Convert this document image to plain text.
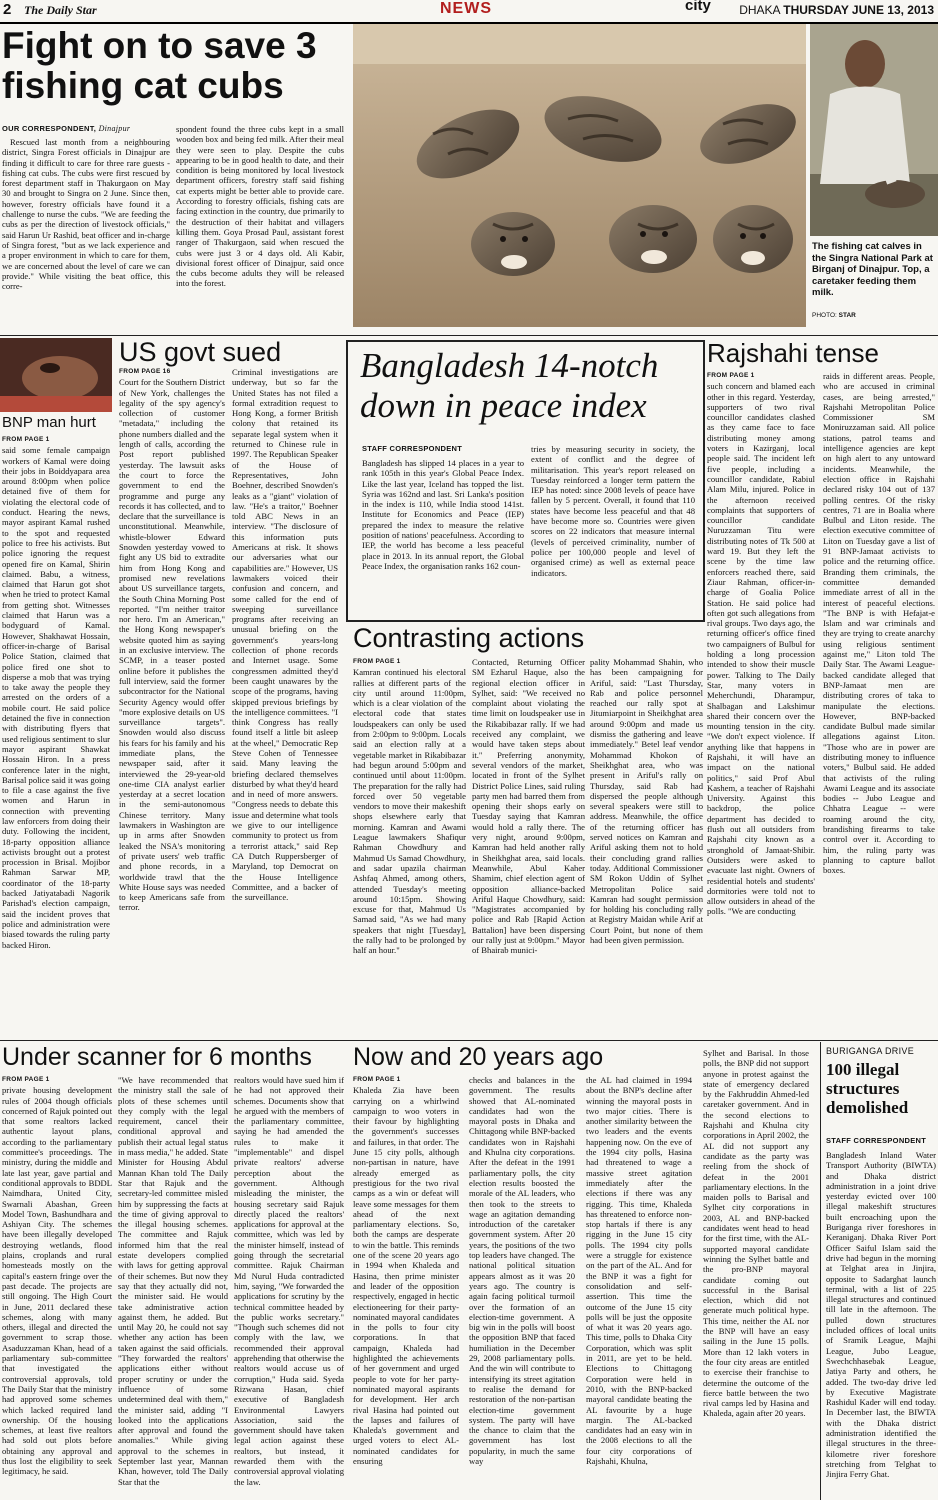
2 The Daily Star	NEWS	city DHAKA THURSDAY JUNE 13, 2013
Fight on to save 3 fishing cat cubs
OUR CORRESPONDENT, Dinajpur

Rescued last month from a neighbouring district, Singra Forest officials in Dinajpur are finding it difficult to care for three rare guests - fishing cat cubs. The cubs were first rescued by forest department staff in Thakurgaon on May 30 and brought to Singra on 2 June. Since then, however, forestry officials have found it a challenge to nurse the cubs. "We are feeding the cubs as per the direction of livestock officials," said Harun Ur Rashid, beat officer and in-charge of Singra forest, "but as we lack experience and a proper environment in which to care for them, we are concerned about the level of care we can provide." While visiting the beat office, this corre-

spondent found the three cubs kept in a small wooden box and being fed milk. After their meal they were seen to play. Despite the cubs appearing to be in good health to date, and their condition is being monitored by local livestock department officers, forestry staff said fishing cat experts might be better able to provide care. According to forestry officials, fishing cats are facing extinction in the country, due primarily to the destruction of their habitat and villagers killing them. Goya Prosad Paul, assistant forest ranger of Thakurgaon, said when rescued the cubs were just 3 or 4 days old. Ali Kabir, divisional forest officer of Dinajpur, said once the cubs become adults they will be released into the forest.

The fishing cat calves in the Singra National Park at Birganj of Dinajpur. Top, a caretaker feeding them milk.
PHOTO: STAR
BNP man hurt
FROM PAGE 1

said some female campaign workers of Kamal were doing their jobs in Boiddyapara area around 8:00pm when police detained five of them for violating the electoral code of conduct. Hearing the news, mayor aspirant Kamal rushed to the spot and requested police to free his activists. But police ignoring the request opened fire on Kamal, Shirin claimed. Babu, a witness, claimed that Harun got shot when he tried to protect Kamal from getting shot. Witnesses claimed that Harun was a bodyguard of Kamal. However, Shakhawat Hossain, officer-in-charge of Barisal Police Station, claimed that police fired one shot to disperse a mob that was trying to take away the people they arrested on the orders of a mobile court. He said police detained the five in connection with distributing flyers that used religious sentiment to slur mayor aspirant Shawkat Hossain Hiron. In a press conference later in the night, Barisal police said it was going to file a case against the five women and Harun in connection with preventing law enforcers from doing their duty. Following the incident, 18-party opposition alliance activists brought out a protest procession in Brisal. Mojibor Rahman Sarwar MP, coordinator of the 18-party backed Jatiyatabadi Nagorik Parishad's election campaign, said the incident proves that police and administration were biased towards the ruling party backed Hiron.

US govt sued
FROM PAGE 16

Court for the Southern District of New York, challenges the legality of the spy agency's collection of customer "metadata," including the phone numbers dialled and the length of calls, according the Post report published yesterday. The lawsuit asks the court to force the government to end the programme and purge any records it has collected, and to declare that the surveillance is unconstitutional. Meanwhile, whistle-blower Edward Snowden yesterday vowed to fight any US bid to extradite him from Hong Kong and promised new revelations about US surveillance targets, the South China Morning Post reported. "I'm neither traitor nor hero. I'm an American," the Hong Kong newspaper's website quoted him as saying in an exclusive interview. The SCMP, in a teaser posted online before it publishes the full interview, said the former subcontractor for the National Security Agency would offer "more explosive details on US surveillance targets". Snowden would also discuss his fears for his family and his immediate plans, the newspaper said, after it interviewed the 29-year-old one-time CIA analyst earlier yesterday at a secret location in the semi-autonomous Chinese territory. Many lawmakers in Washington are up in arms after Snowden leaked the NSA's monitoring of private users' web traffic and phone records, in a worldwide trawl that the White House says was needed to keep Americans safe from terror.

Criminal investigations are underway, but so far the United States has not filed a formal extradition request to Hong Kong, a former British colony that retained its separate legal system when it returned to Chinese rule in 1997. The Republican Speaker of the House of Representatives, John Boehner, described Snowden's leaks as a "giant" violation of law. "He's a traitor," Boehner told ABC News in an interview. "The disclosure of this information puts Americans at risk. It shows our adversaries what our capabilities are." However, US lawmakers voiced their confusion and concern, and some called for the end of sweeping surveillance programs after receiving an unusual briefing on the government's years-long collection of phone records and Internet usage. Some congressmen admitted they'd been caught unawares by the scope of the programs, having skipped previous briefings by the intelligence committees. "I think Congress has really found itself a little bit asleep at the wheel," Democratic Rep Steve Cohen of Tennessee said. Many leaving the briefing declared themselves disturbed by what they'd heard and in need of more answers. "Congress needs to debate this issue and determine what tools we give to our intelligence community to protect us from a terrorist attack," said Rep CA Dutch Ruppersberger of Maryland, top Democrat on the House Intelligence Committee, and a backer of the surveillance.

Bangladesh 14-notch down in peace index
STAFF CORRESPONDENT

Bangladesh has slipped 14 places in a year to rank 105th in this year's Global Peace Index. Like the last year, Iceland has topped the list. Syria was 162nd and last. Sri Lanka's position in the index is 110, while India stood 141st. Institute for Economics and Peace (IEP) prepared the index to measure the relative position of nations' peacefulness. According to IEP, the world has become a less peaceful place in 2013. In its annual report, the Global Peace Index, the organisation ranks 162 coun-

tries by measuring security in society, the extent of conflict and the degree of militarisation. This year's report released on Tuesday reinforced a longer term pattern the IEP has noted: since 2008 levels of peace have fallen by 5 percent. Overall, it found that 110 states have become less peaceful and that 48 have become more so. Countries were given scores on 22 indicators that measure internal (levels of perceived criminality, number of police per 100,000 people and level of organised crime) as well as external peace indicators.

Contrasting actions
FROM PAGE 1

Kamran continued his electoral rallies at different parts of the city until around 11:00pm, which is a clear violation of the electoral code that states loudspeakers can only be used from 2:00pm to 9:00pm. Locals said an election rally at a vegetable market in Rikabibazar had begun around 5:00pm and continued until about 11:00pm. The preparation for the rally had forced over 50 vegetable vendors to move their makeshift shops elsewhere early that morning. Kamran and Awami League lawmakers Shafiqur Rahman Chowdhury and Mahmud Us Samad Chowdhury, and sadar upazila chairman Ashfaq Ahmed, among others, attended Tuesday's meeting around 10:15pm. Showing excuse for that, Mahmud Us Samad said, "As we had many speakers that night [Tuesday], the rally had to be prolonged by half an hour."

Contacted, Returning Officer SM Ezharul Haque, also the regional election officer in Sylhet, said: "We received no complaint about violating the time limit on loudspeaker use in the Rikabibazar rally. If we had received any complaint, we would have taken steps about it." Preferring anonymity, several vendors of the market, located in front of the Sylhet District Police Lines, said ruling party men had barred them from opening their shops early on Tuesday saying that Kamran would hold a rally there. The very night, around 9:00pm, Kamran had held another rally in Sheikhghat area, said locals. Meanwhile, Abul Kaher Shamim, chief election agent of opposition alliance-backed Ariful Haque Chowdhury, said: "Magistrates accompanied by police and Rab [Rapid Action Battalion] have been dispersing our rally just at 9:00pm." Mayor of Bhairab munici-

pality Mohammad Shahin, who has been campaigning for Ariful, said: "Last Thursday, Rab and police personnel reached our rally spot at Jitumiarpoint in Sheikhghat area around 9:00pm and made us dismiss the gathering and leave immediately." Betel leaf vendor Mohammad Khokon of Sheikhghat area, who was present in Ariful's rally on Thursday, said Rab had dispersed the people although several speakers were still to address. Meanwhile, the office of the returning officer has served notices on Kamran and Ariful asking them not to hold their concluding grand rallies today. Additional Commissioner SM Rokon Uddin of Sylhet Metropolitan Police said Kamran had sought permission for holding his concluding rally at Registry Maidan while Arif at Court Point, but none of them had been given permission.

Rajshahi tense
FROM PAGE 1

such concern and blamed each other in this regard. Yesterday, supporters of two rival councillor candidates clashed as they came face to face distributing money among voters in Kazirganj, local people said. The incident left five people, including a councillor candidate, Rabiul Alam Milu, injured. Police in the afternoon received complaints that supporters of councillor candidate Nuruzzaman Titu were distributing notes of Tk 500 at ward 19. But they left the scene by the time law enforcers reached there, said Ziaur Rahman, officer-in-charge of Goalia Police Station. He said police had often got such allegations from rival groups. Two days ago, the returning officer's office fined two campaigners of Bulbul for holding a long procession intended to show their muscle power. Talking to The Daily Star, many voters in Meherchundi, Dharampur, Shalbagan and Lakshimur shared their concern over the mounting tension in the city. "We don't expect violence. If anything like that happens in Rajshahi, it will have an impact on the national politics," said Prof Abul Kashem, a teacher of Rajshahi University. Against this backdrop, the police department has decided to flush out all outsiders from Rajshahi city known as a stronghold of Jamaat-Shibir. Outsiders were asked to evacuate last night. Owners of residential hotels and students' dormitories were told not to allow outsiders in ahead of the polls. "We are conducting

raids in different areas. People, who are accused in criminal cases, are being arrested," Rajshahi Metropolitan Police Commissioner SM Moniruzzaman said. All police stations, patrol teams and intelligence agencies are kept on high alert to any untoward incidents. Meanwhile, the election office in Rajshahi declared risky 104 out of 137 polling centres. Of the risky centres, 71 are in Boalia where Bulbul and Liton reside. The election executive committee of Liton on Tuesday gave a list of 91 BNP-Jamaat activists to police and the returning office. Branding them criminals, the committee demanded immediate arrest of all in the interest of peaceful elections. "The BNP is with Hefajat-e Islam and war criminals and they are trying to create anarchy using religious sentiment against me," Liton told The Daily Star. The Awami League-backed candidate alleged that BNP-Jamaat men are distributing crores of taka to manipulate the elections. However, BNP-backed candidate Bulbul made similar allegations against Liton. "Those who are in power are distributing money to influence voters," Bulbul said. He added that activists of the ruling Awami League and its associate bodies -- Jubo League and Chhatra League -- were roaming around the city, brandishing firearms to take control over it. According to him, the ruling party was planning to capture ballot boxes.

Under scanner for 6 months
FROM PAGE 1

private housing development rules of 2004 though officials concerned of Rajuk pointed out that some realtors lacked authentic layout plans, according to the parliamentary committee's proceedings. The ministry, during the middle and late last year, gave partial and conditional approvals to BDDL Naimdhara, United City, Swarnali Abashan, Green Model Town, Bashundhara and Ashiyan City. The schemes have been illegally developed destroying wetlands, flood plains, croplands and rural homesteads mostly on the capital's eastern fringe over the past decade. The projects are still ongoing. The High Court in June, 2011 declared these schemes, along with many others, illegal and directed the government to scrap those. Asaduzzaman Khan, head of a parliamentary sub-committee that investigated the controversial approvals, told The Daily Star that the ministry had approved some schemes which lacked required land ownership. Of the housing schemes, at least five realtors had sold out plots before obtaining any approval and thus lost the eligibility to seek legitimacy, he said.

"We have recommended that the ministry stall the sale of plots of these schemes until they comply with the legal requirement, cancel their conditional approval and publish their actual legal status in mass media," he added. State Minister for Housing Abdul Mannan Khan told The Daily Star that Rajuk and the secretary-led committee misled him by suppressing the facts at the time of giving approval to the illegal housing schemes. The committee and Rajuk informed him that the real estate developers complied with laws for getting approval of their schemes. But now they say that they actually did not, the minister said. He would take administrative action against them, he added. But until May 20, he could not say whether any action has been taken against the said officials. "They forwarded the realtors' applications either without proper scrutiny or under the influence of some undetermined deal with them," the minister said, adding "I looked into the applications after approval and found the anomalies." While giving approval to the schemes in September last year, Mannan Khan, however, told The Daily Star that the

realtors would have sued him if he had not approved their schemes. Documents show that he argued with the members of the parliamentary committee, saying he had amended the rules to make it "implementable" and dispel private realtors' adverse perception about the government. Although misleading the minister, the housing secretary said Rajuk directly placed the realtors' applications for approval at the committee, which was led by the minister himself, instead of going through the secretarial committee. Rajuk Chairman Md Nurul Huda contradicted him, saying, "We forwarded the applications for scrutiny by the technical committee headed by the public works secretary." "Though such schemes did not comply with the law, we recommended their approval apprehending that otherwise the realtors would accuse us of corruption," Huda said. Syeda Rizwana Hasan, chief executive of Bangladesh Environmental Lawyers Association, said the government should have taken legal action against these realtors, but instead, it rewarded them with the controversial approval violating the law.

Now and 20 years ago
FROM PAGE 1

Khaleda Zia have been carrying on a whirlwind campaign to woo voters in their favour by highlighting the government's successes and failures, in that order. The June 15 city polls, although non-partisan in nature, have already emerged as prestigious for the two rival camps as a win or defeat will leave some messages for them ahead of the next parliamentary elections. So, both the camps are desperate to win the battle. This reminds one of the scene 20 years ago in 1994 when Khaleda and Hasina, then prime minister and leader of the opposition respectively, engaged in hectic electioneering for their party-nominated mayoral candidates in the polls to four city corporations. In that campaign, Khaleda had highlighted the achievements of her government and urged people to vote for her party- nominated mayoral aspirants for development. Her arch rival Hasina had pointed out the lapses and failures of Khaleda's government and urged voters to elect AL-nominated candidates for ensuring

checks and balances in the government. The results showed that AL-nominated candidates had won the mayoral posts in Dhaka and Chittagong while BNP-backed candidates won in Rajshahi and Khulna city corporations. After the defeat in the 1991 parliamentary polls, the city election results boosted the morale of the AL leaders, who then took to the streets to wage an agitation demanding introduction of the caretaker government system. After 20 years, the positions of the two top leaders have changed. The national political situation appears almost as it was 20 years ago. The country is again facing political turmoil over the formation of an election-time government. A big win in the polls will boost the opposition BNP that faced humiliation in the December 29, 2008 parliamentary polls. And the win will contribute to intensifying its street agitation to realise the demand for restoration of the non-partisan election-time government system. The party will have the chance to claim that the government has lost popularity, in much the same way

the AL had claimed in 1994 about the BNP's decline after winning the mayoral posts in two major cities. There is another similarity between the two leaders and the events happening now. On the eve of the 1994 city polls, Hasina had threatened to wage a massive street agitation immediately after the elections if there was any rigging. This time, Khaleda has threatened to enforce non-stop hartals if there is any rigging in the June 15 city polls. The 1994 city polls were a struggle for existence on the part of the AL. And for the BNP it was a fight for consolidation and self-assertion. This time the outcome of the June 15 city polls will be just the opposite of what it was 20 years ago. This time, polls to Dhaka City Corporation, which was split in 2011, are yet to be held. Elections to Chittagong Corporation were held in 2010, with the BNP-backed mayoral candidate beating the AL favourite by a huge margin. The AL-backed candidates had an easy win in the 2008 elections to all the four city corporations of Rajshahi, Khulna,

Sylhet and Barisal. In those polls, the BNP did not support anyone in protest against the state of emergency declared by the Fakhruddin Ahmed-led caretaker government. And in the second elections to Rajshahi and Khulna city corporations in April 2002, the AL did not support any candidate as the party was reeling from the shock of defeat in the 2001 parliamentary elections. In the maiden polls to Barisal and Sylhet city corporations in 2003, AL and BNP-backed candidates went head to head for the first time, with the AL-supported mayoral candidate winning the Sylhet battle and the pro-BNP mayoral candidate coming out successful in the Barisal election, which did not generate much political hype. This time, neither the AL nor the BNP will have an easy sailing in the June 15 polls. More than 12 lakh voters in the four city areas are entitled to exercise their franchise to determine the outcome of the fierce battle between the two rival camps led by Hasina and Khaleda, again after 20 years.

BURIGANGA DRIVE
100 illegal structures demolished
STAFF CORRESPONDENT

Bangladesh Inland Water Transport Authority (BIWTA) and Dhaka district administration in a joint drive yesterday evicted over 100 illegal makeshift structures built encroaching upon the Buriganga river foreshores in Keraniganj. Dhaka River Port Officer Saiful Islam said the drive had begun in the morning at Telghat area in Jinjira, opposite to Sadarghat launch terminal, with a list of 225 illegal structures and continued till late in the afternoon. The pulled down structures included offices of local units of Sramik League, Majhi League, Jubo League, Swechchhasebak League, Jatiya Party and others, he added. The two-day drive led by Executive Magistrate Rashidul Kader will end today. In December last, the BIWTA with the Dhaka district administration identified the illegal structures in the three-kilometre river foreshore stretching from Telghat to Jinjira Ferry Ghat.
